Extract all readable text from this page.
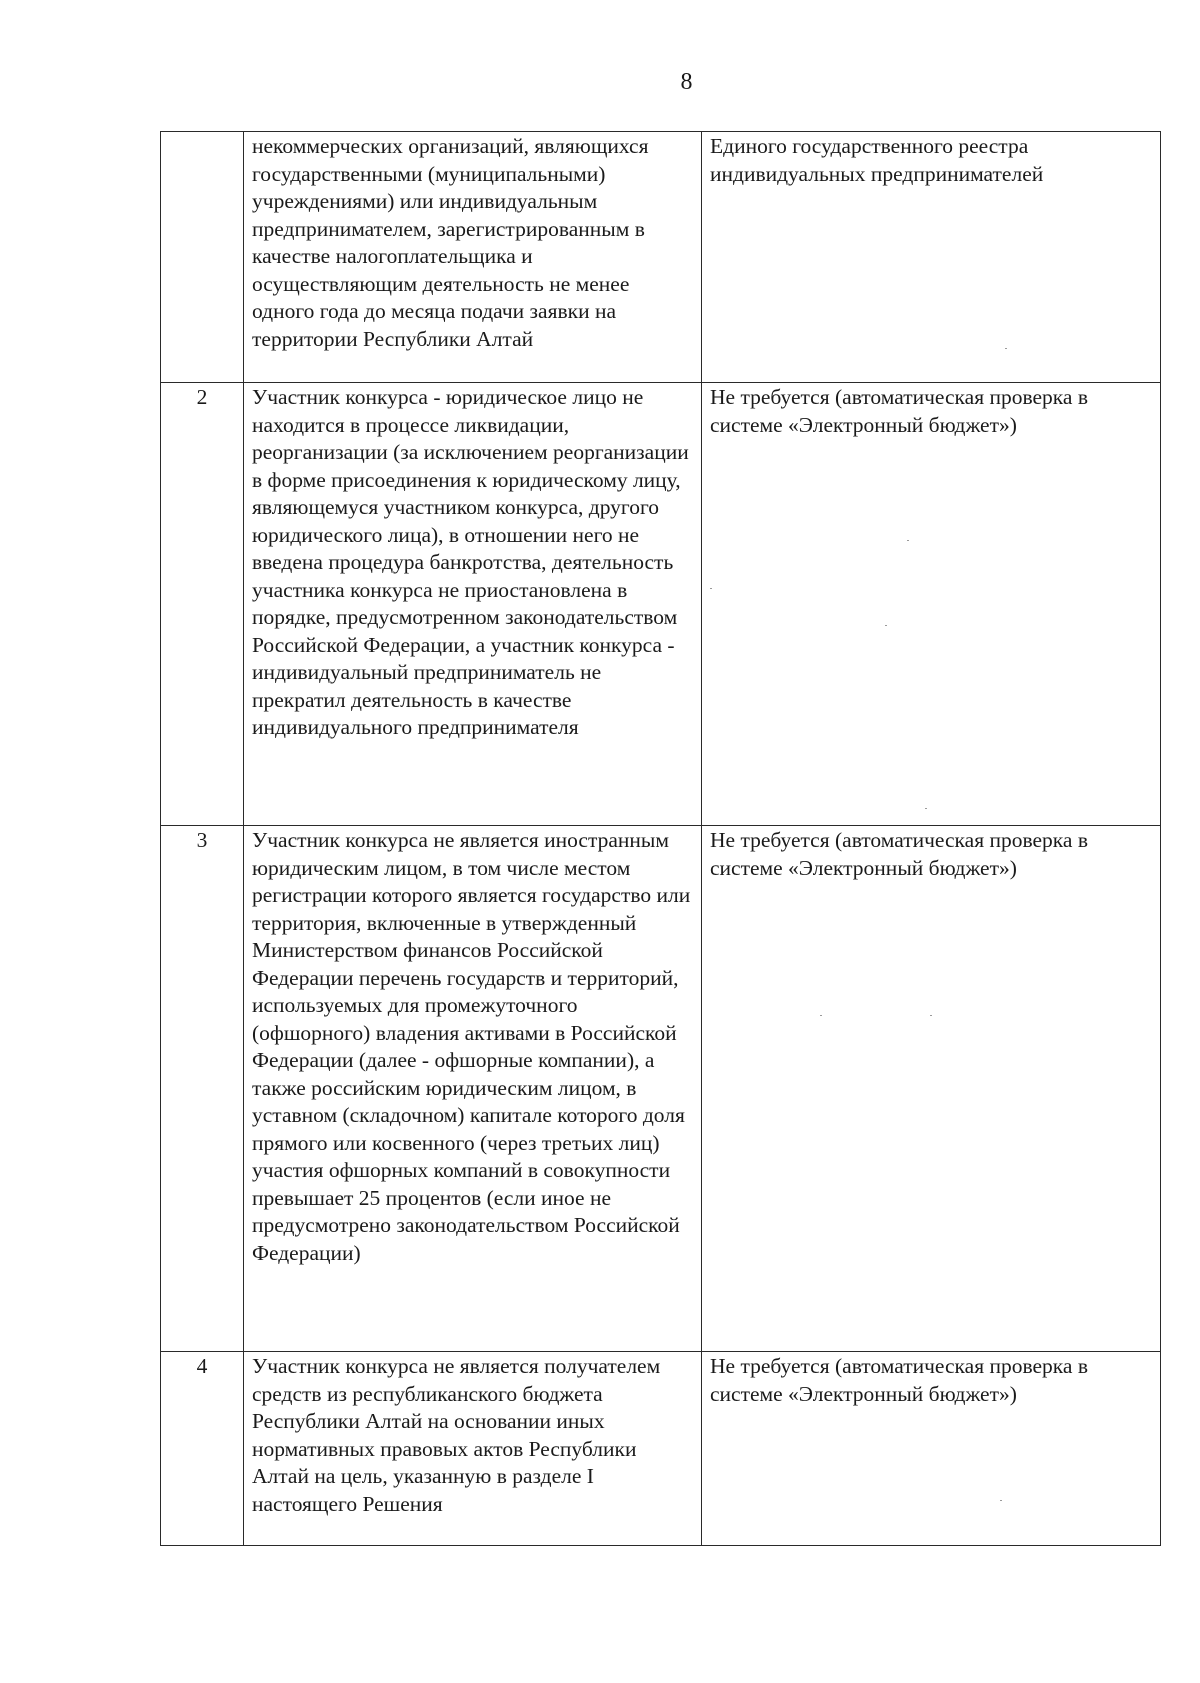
8

	некоммерческих организаций, являющихся государственными (муниципальными) учреждениями) или индивидуальным предпринимателем, зарегистрированным в качестве налогоплательщика и осуществляющим деятельность не менее одного года до месяца подачи заявки на территории Республики Алтай	Единого государственного реестра индивидуальных предпринимателей

2	Участник конкурса - юридическое лицо не находится в процессе ликвидации, реорганизации (за исключением реорганизации в форме присоединения к юридическому лицу, являющемуся участником конкурса, другого юридического лица), в отношении него не введена процедура банкротства, деятельность участника конкурса не приостановлена в порядке, предусмотренном законодательством Российской Федерации, а участник конкурса - индивидуальный предприниматель не прекратил деятельность в качестве индивидуального предпринимателя	Не требуется (автоматическая проверка в системе «Электронный бюджет»)

3	Участник конкурса не является иностранным юридическим лицом, в том числе местом регистрации которого является государство или территория, включенные в утвержденный Министерством финансов Российской Федерации перечень государств и территорий, используемых для промежуточного (офшорного) владения активами в Российской Федерации (далее - офшорные компании), а также российским юридическим лицом, в уставном (складочном) капитале которого доля прямого или косвенного (через третьих лиц) участия офшорных компаний в совокупности превышает 25 процентов (если иное не предусмотрено законодательством Российской Федерации)	Не требуется (автоматическая проверка в системе «Электронный бюджет»)

4	Участник конкурса не является получателем средств из республиканского бюджета Республики Алтай на основании иных нормативных правовых актов Республики Алтай на цель, указанную в разделе I настоящего Решения	Не требуется (автоматическая проверка в системе «Электронный бюджет»)
